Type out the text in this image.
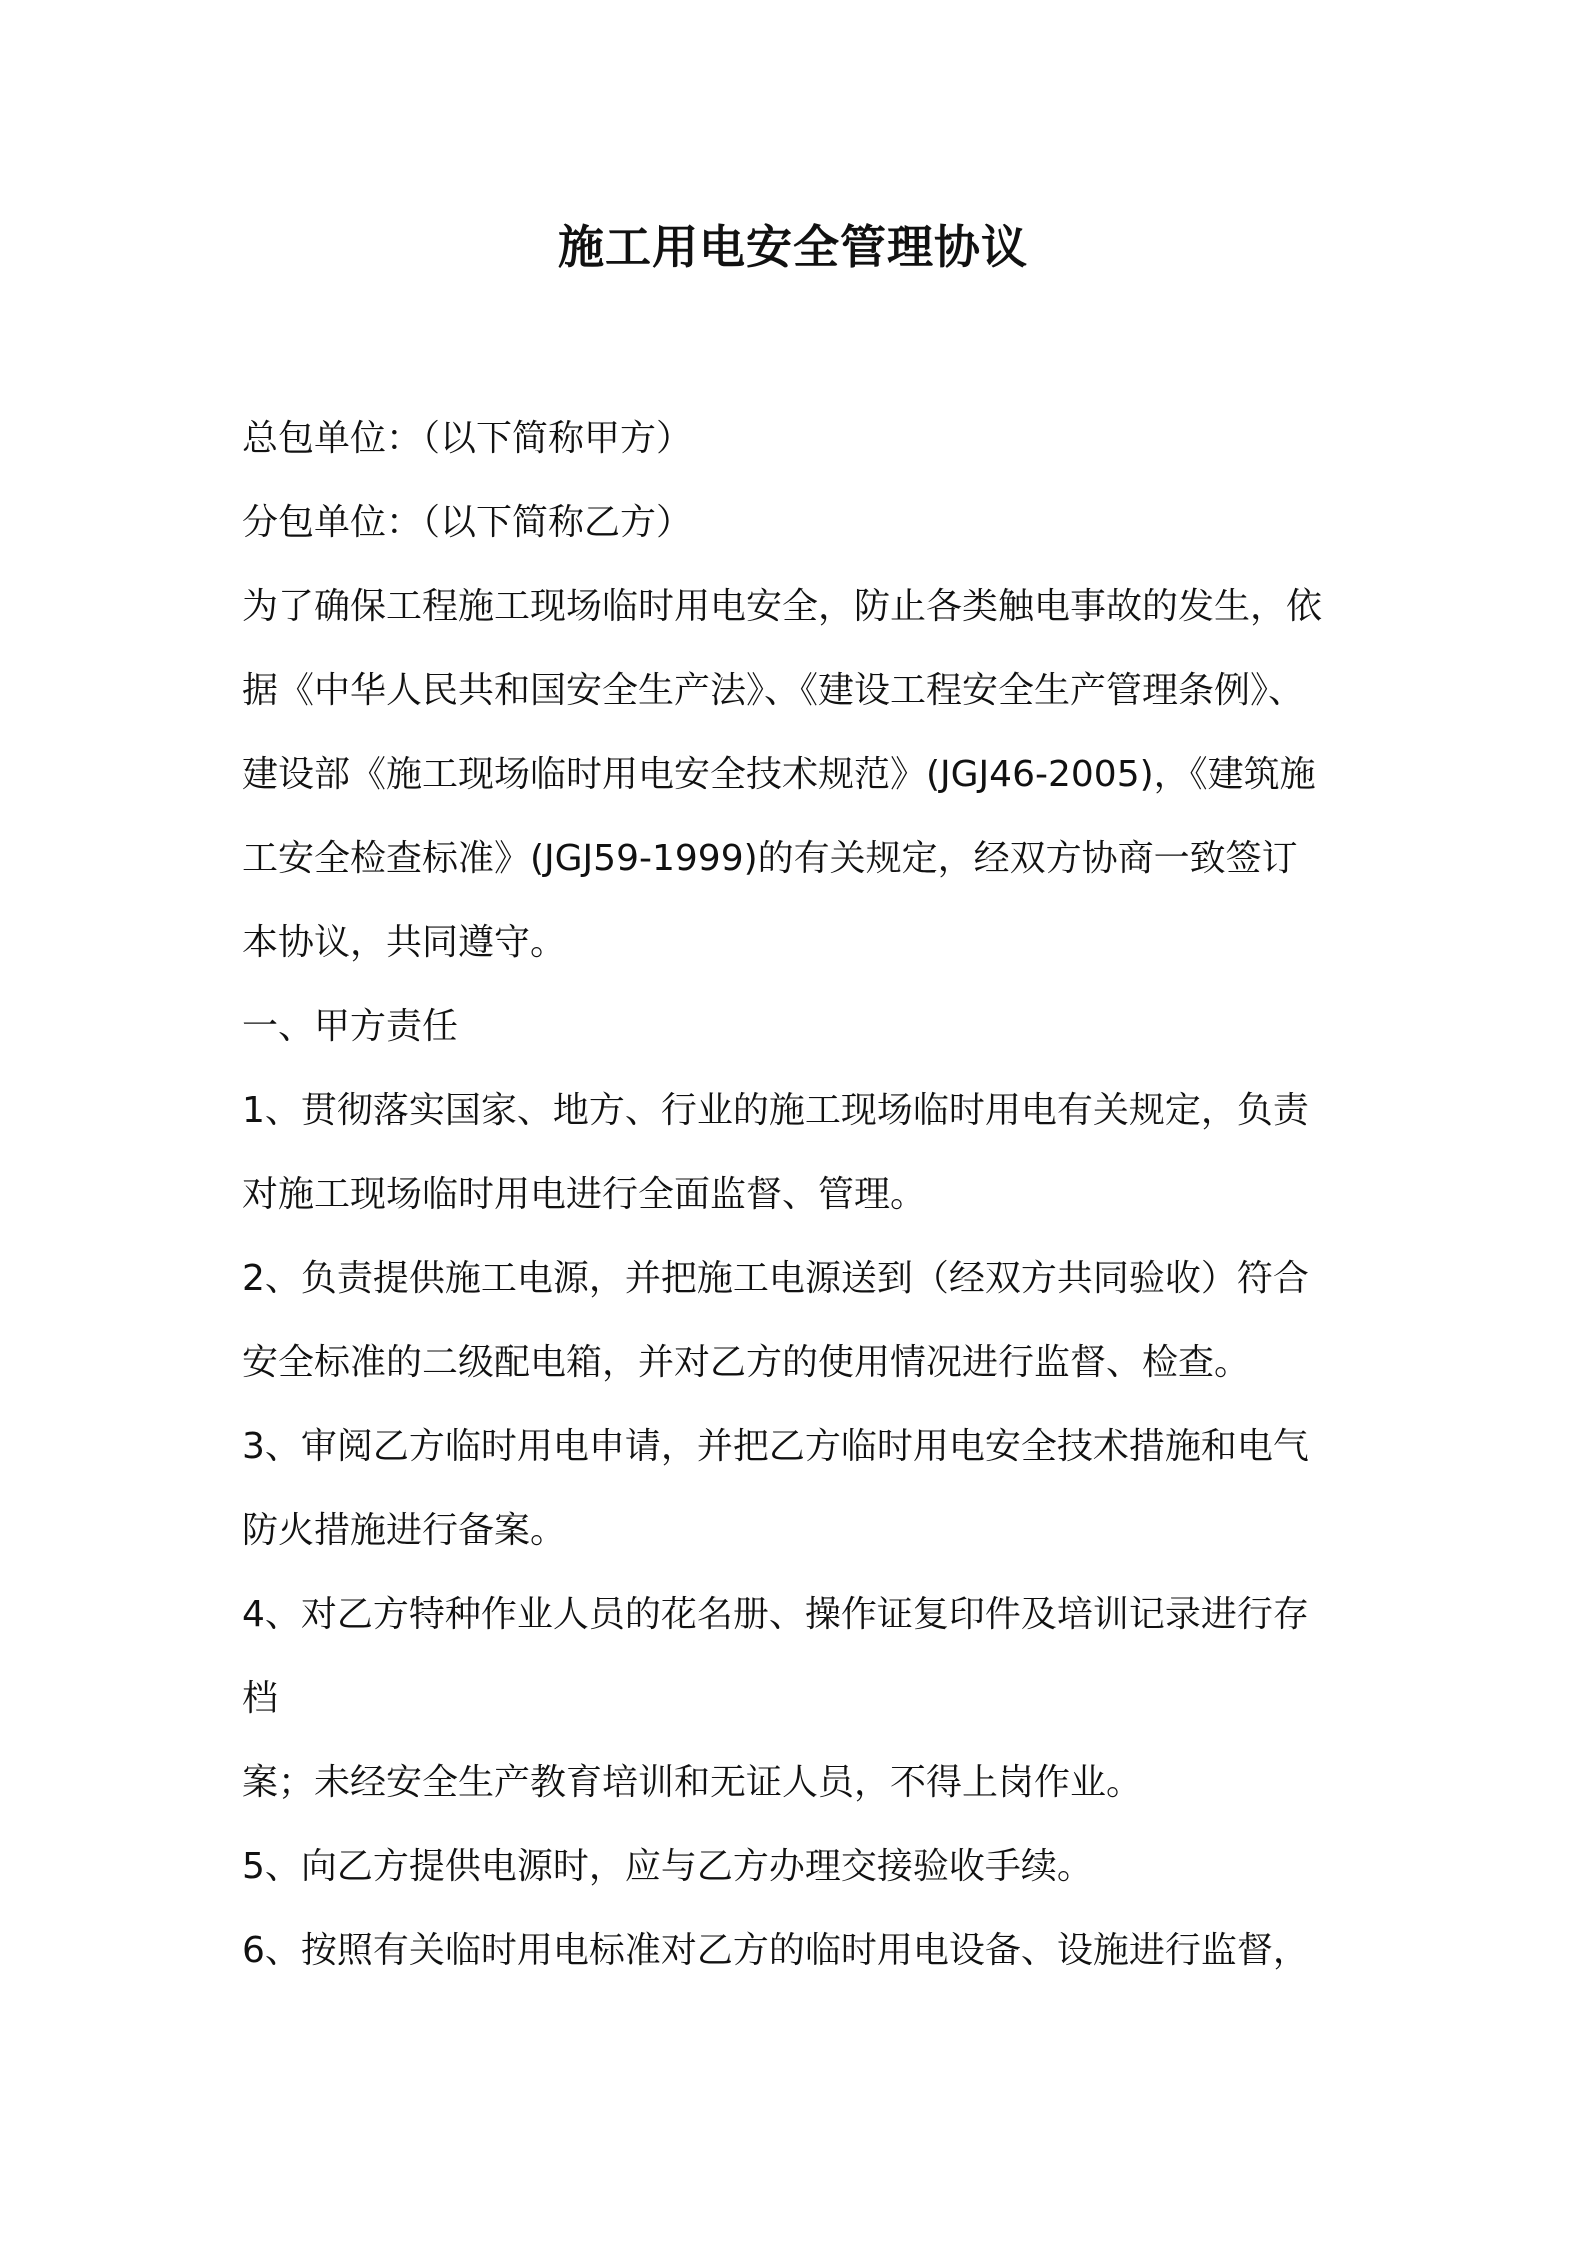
施工用电安全管理协议
总包单位：（以下简称甲方）
分包单位：（以下简称乙方）
为了确保工程施工现场临时用电安全，防止各类触电事故的发生，依
据《中华人民共和国安全生产法》、《建设工程安全生产管理条例》、
建设部《施工现场临时用电安全技术规范》(JGJ46-2005)，《建筑施
工安全检查标准》(JGJ59-1999)的有关规定，经双方协商一致签订
本协议，共同遵守。
一、甲方责任
1、贯彻落实国家、地方、行业的施工现场临时用电有关规定，负责
对施工现场临时用电进行全面监督、管理。
2、负责提供施工电源，并把施工电源送到（经双方共同验收）符合
安全标准的二级配电箱，并对乙方的使用情况进行监督、检查。
3、审阅乙方临时用电申请，并把乙方临时用电安全技术措施和电气
防火措施进行备案。
4、对乙方特种作业人员的花名册、操作证复印件及培训记录进行存
档
案；未经安全生产教育培训和无证人员，不得上岗作业。
5、向乙方提供电源时，应与乙方办理交接验收手续。
6、按照有关临时用电标准对乙方的临时用电设备、设施进行监督，
